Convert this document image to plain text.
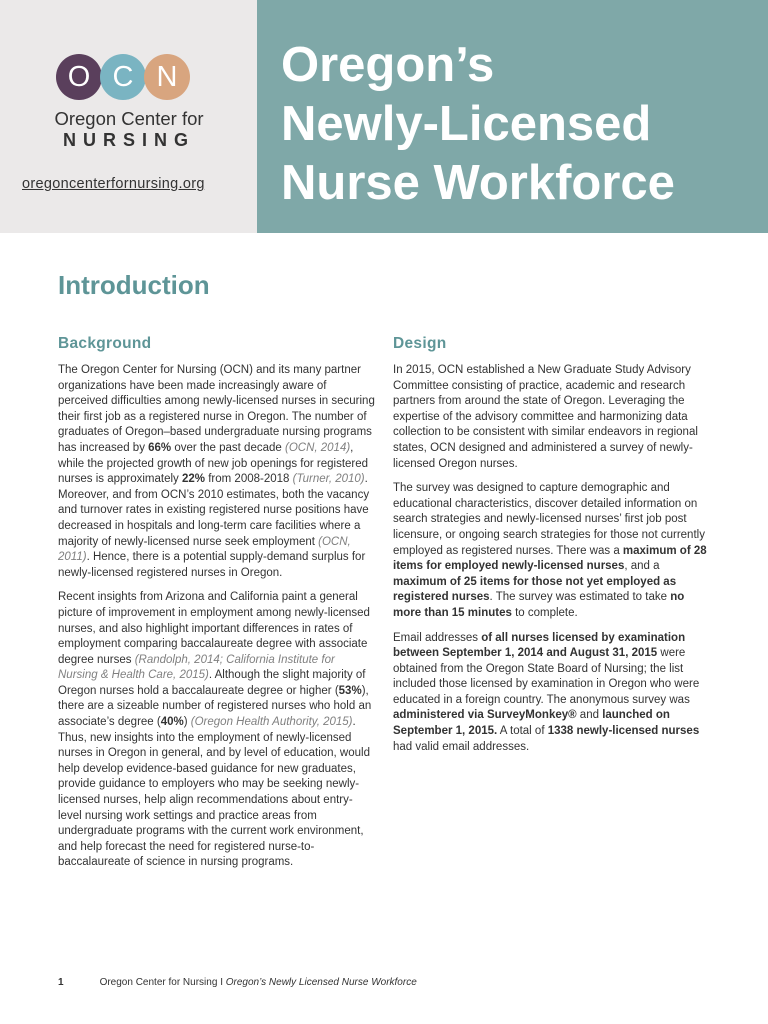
O C N
Oregon Center for
NURSING
oregoncenterfornursing.org
Oregon’s
Newly-Licensed
Nurse Workforce
Introduction
Background

The Oregon Center for Nursing (OCN) and its many partner organizations have been made increasingly aware of perceived difficulties among newly-licensed nurses in securing their first job as a registered nurse in Oregon. The number of graduates of Oregon–based undergraduate nursing programs has increased by 66% over the past decade (OCN, 2014), while the projected growth of new job openings for registered nurses is approximately 22% from 2008-2018 (Turner, 2010). Moreover, and from OCN’s 2010 estimates, both the vacancy and turnover rates in existing registered nurse positions have decreased in hospitals and long-term care facilities where a majority of newly-licensed nurse seek employment (OCN, 2011). Hence, there is a potential supply-demand surplus for newly-licensed registered nurses in Oregon.

Recent insights from Arizona and California paint a general picture of improvement in employment among newly-licensed nurses, and also highlight important differences in rates of employment comparing baccalaureate degree with associate degree nurses (Randolph, 2014; California Institute for Nursing & Health Care, 2015). Although the slight majority of Oregon nurses hold a baccalaureate degree or higher (53%), there are a sizeable number of registered nurses who hold an associate’s degree (40%) (Oregon Health Authority, 2015). Thus, new insights into the employment of newly-licensed nurses in Oregon in general, and by level of education, would help develop evidence-based guidance for new graduates, provide guidance to employers who may be seeking newly-licensed nurses, help align recommendations about entry-level nursing work settings and practice areas from undergraduate programs with the current work environment, and help forecast the need for registered nurse-to-baccalaureate of science in nursing programs.

Design

In 2015, OCN established a New Graduate Study Advisory Committee consisting of practice, academic and research partners from around the state of Oregon. Leveraging the expertise of the advisory committee and harmonizing data collection to be consistent with similar endeavors in regional states, OCN designed and administered a survey of newly-licensed Oregon nurses.

The survey was designed to capture demographic and educational characteristics, discover detailed information on search strategies and newly-licensed nurses’ first job post licensure, or ongoing search strategies for those not currently employed as registered nurses. There was a maximum of 28 items for employed newly-licensed nurses, and a maximum of 25 items for those not yet employed as registered nurses. The survey was estimated to take no more than 15 minutes to complete.

Email addresses of all nurses licensed by examination between September 1, 2014 and August 31, 2015 were obtained from the Oregon State Board of Nursing; the list included those licensed by examination in Oregon who were educated in a foreign country. The anonymous survey was administered via SurveyMonkey® and launched on September 1, 2015. A total of 1338 newly-licensed nurses had valid email addresses.

1	Oregon Center for Nursing I Oregon’s Newly Licensed Nurse Workforce
